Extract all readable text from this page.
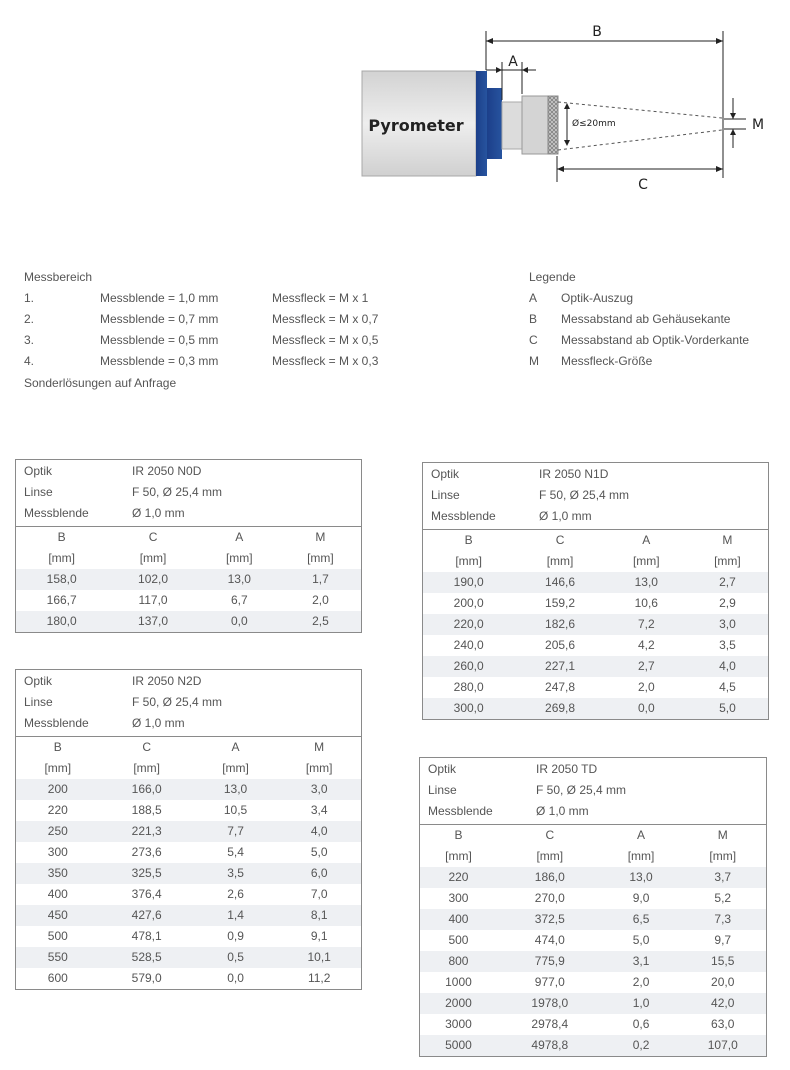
Pyrometer	Ø≤20mm
B
A
C
M
Messbereich
1.	Messblende = 1,0 mm	Messfleck = M x 1
2.	Messblende = 0,7 mm	Messfleck = M x 0,7
3.	Messblende = 0,5 mm	Messfleck = M x 0,5
4.	Messblende = 0,3 mm	Messfleck = M x 0,3
Sonderlösungen auf Anfrage
Legende
A Optik-Auszug
B Messabstand ab Gehäusekante
C Messabstand ab Optik-Vorderkante
M Messfleck-Größe
Optik	IR 2050 N0D
Linse	F 50, Ø 25,4 mm
Messblende	Ø 1,0 mm
B	C	A	M
[mm]	[mm]	[mm]	[mm]
158,0	102,0	13,0	1,7
166,7	117,0	6,7	2,0
180,0	137,0	0,0	2,5
Optik	IR 2050 N1D
Linse	F 50, Ø 25,4 mm
Messblende	Ø 1,0 mm
B	C	A	M
[mm]	[mm]	[mm]	[mm]
190,0	146,6	13,0	2,7
200,0	159,2	10,6	2,9
220,0	182,6	7,2	3,0
240,0	205,6	4,2	3,5
260,0	227,1	2,7	4,0
280,0	247,8	2,0	4,5
300,0	269,8	0,0	5,0
Optik	IR 2050 N2D
Linse	F 50, Ø 25,4 mm
Messblende	Ø 1,0 mm
B	C	A	M
[mm]	[mm]	[mm]	[mm]
200	166,0	13,0	3,0
220	188,5	10,5	3,4
250	221,3	7,7	4,0
300	273,6	5,4	5,0
350	325,5	3,5	6,0
400	376,4	2,6	7,0
450	427,6	1,4	8,1
500	478,1	0,9	9,1
550	528,5	0,5	10,1
600	579,0	0,0	11,2
Optik	IR 2050 TD
Linse	F 50, Ø 25,4 mm
Messblende	Ø 1,0 mm
B	C	A	M
[mm]	[mm]	[mm]	[mm]
220	186,0	13,0	3,7
300	270,0	9,0	5,2
400	372,5	6,5	7,3
500	474,0	5,0	9,7
800	775,9	3,1	15,5
1000	977,0	2,0	20,0
2000	1978,0	1,0	42,0
3000	2978,4	0,6	63,0
5000	4978,8	0,2	107,0
